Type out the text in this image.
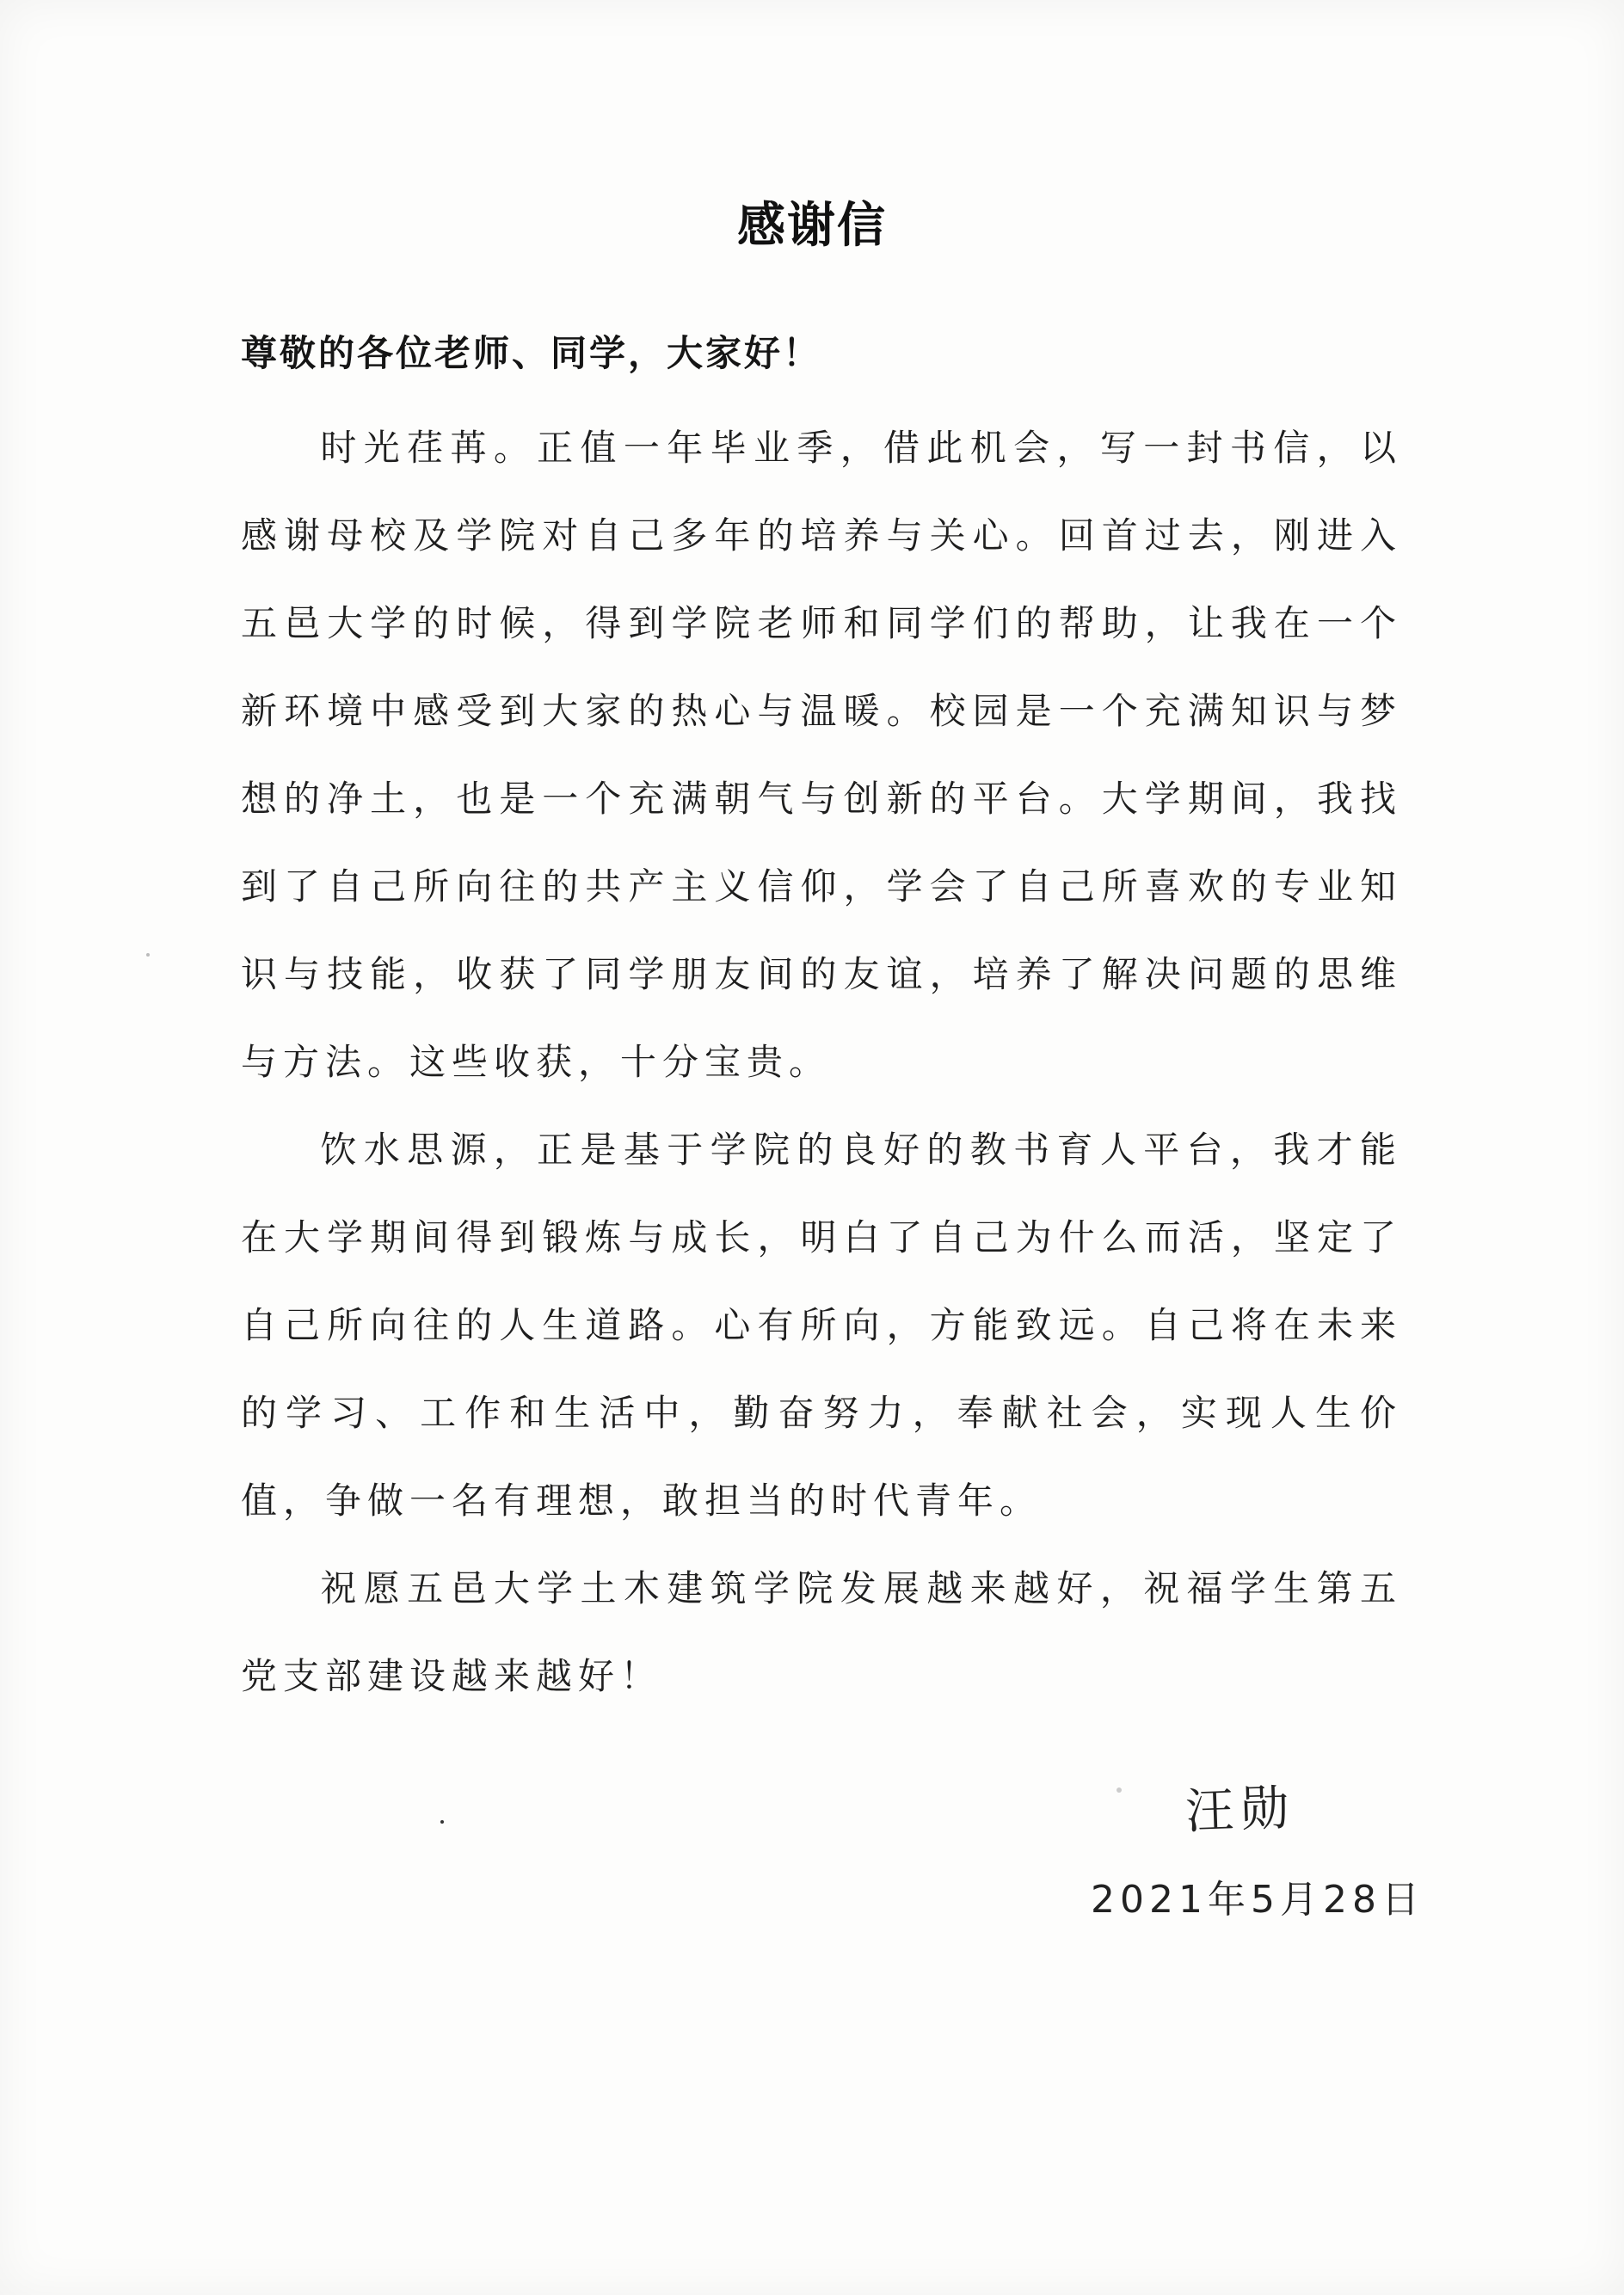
感谢信
尊敬的各位老师、同学，大家好！

时光荏苒。正值一年毕业季，借此机会，写一封书信，以感谢母校及学院对自己多年的培养与关心。回首过去，刚进入五邑大学的时候，得到学院老师和同学们的帮助，让我在一个新环境中感受到大家的热心与温暖。校园是一个充满知识与梦想的净土，也是一个充满朝气与创新的平台。大学期间，我找到了自己所向往的共产主义信仰，学会了自己所喜欢的专业知识与技能，收获了同学朋友间的友谊，培养了解决问题的思维与方法。这些收获，十分宝贵。

饮水思源，正是基于学院的良好的教书育人平台，我才能在大学期间得到锻炼与成长，明白了自己为什么而活，坚定了自己所向往的人生道路。心有所向，方能致远。自己将在未来的学习、工作和生活中，勤奋努力，奉献社会，实现人生价值，争做一名有理想，敢担当的时代青年。

祝愿五邑大学土木建筑学院发展越来越好，祝福学生第五党支部建设越来越好！

汪勋
2021年5月28日
